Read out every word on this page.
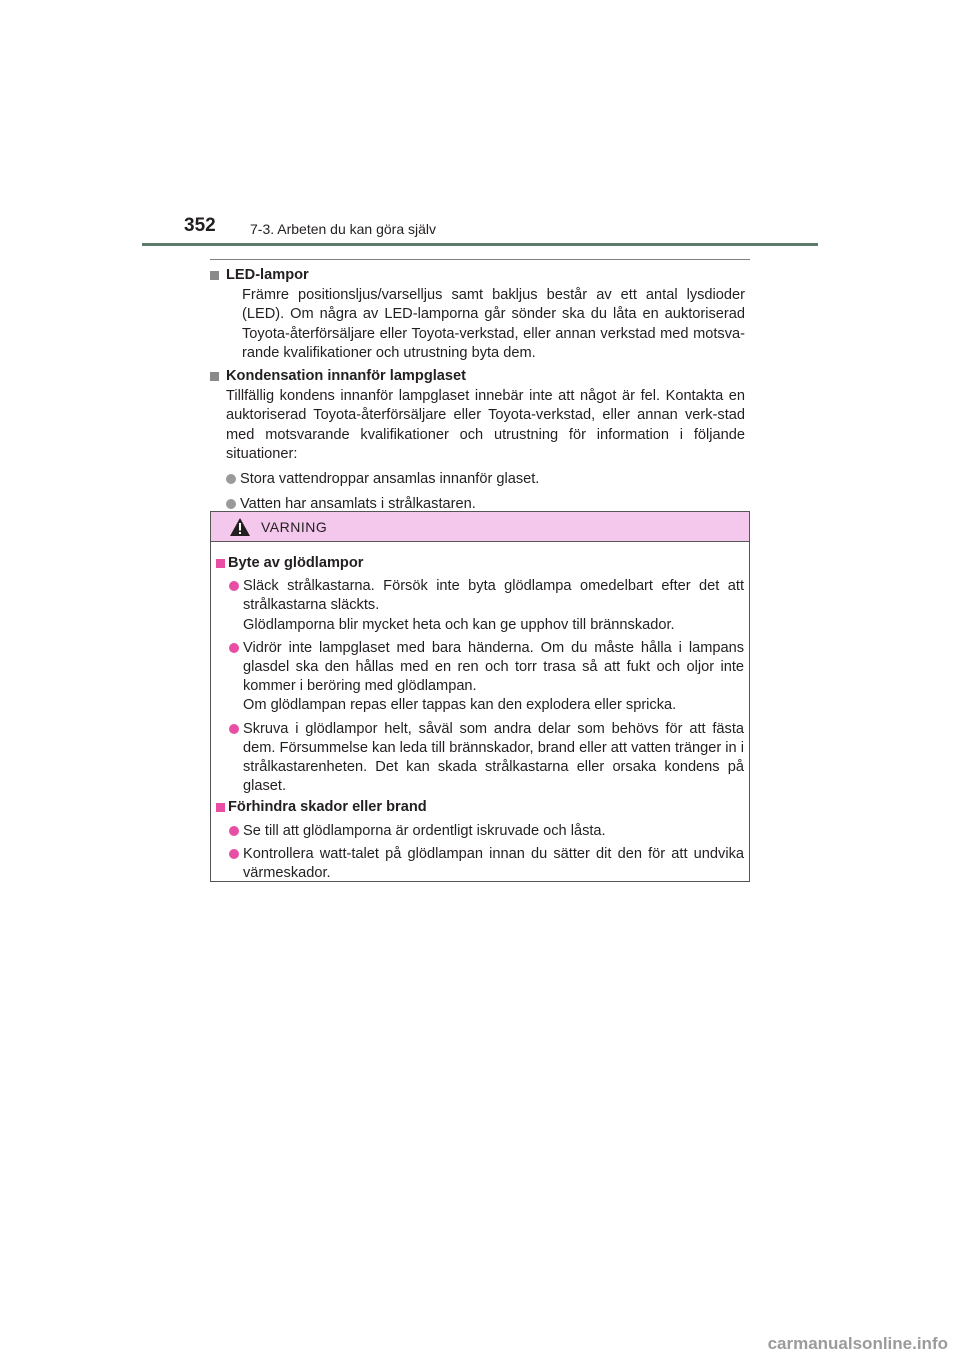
352 7-3. Arbeten du kan göra själv
LED-lampor
Främre positionsljus/varselljus samt bakljus består av ett antal lysdioder (LED). Om några av LED-lamporna går sönder ska du låta en auktoriserad Toyota-återförsäljare eller Toyota-verkstad, eller annan verkstad med motsva-rande kvalifikationer och utrustning byta dem.
Kondensation innanför lampglaset
Tillfällig kondens innanför lampglaset innebär inte att något är fel. Kontakta en auktoriserad Toyota-återförsäljare eller Toyota-verkstad, eller annan verk-stad med motsvarande kvalifikationer och utrustning för information i följande situationer:
Stora vattendroppar ansamlas innanför glaset.
Vatten har ansamlats i strålkastaren.
VARNING
Byte av glödlampor
Släck strålkastarna. Försök inte byta glödlampa omedelbart efter det att strålkastarna släckts.
Glödlamporna blir mycket heta och kan ge upphov till brännskador.
Vidrör inte lampglaset med bara händerna. Om du måste hålla i lampans glasdel ska den hållas med en ren och torr trasa så att fukt och oljor inte kommer i beröring med glödlampan.
Om glödlampan repas eller tappas kan den explodera eller spricka.
Skruva i glödlampor helt, såväl som andra delar som behövs för att fästa dem. Försummelse kan leda till brännskador, brand eller att vatten tränger in i strålkastarenheten. Det kan skada strålkastarna eller orsaka kondens på glaset.
Förhindra skador eller brand
Se till att glödlamporna är ordentligt iskruvade och låsta.
Kontrollera watt-talet på glödlampan innan du sätter dit den för att undvika värmeskador.
carmanualsonline.info
